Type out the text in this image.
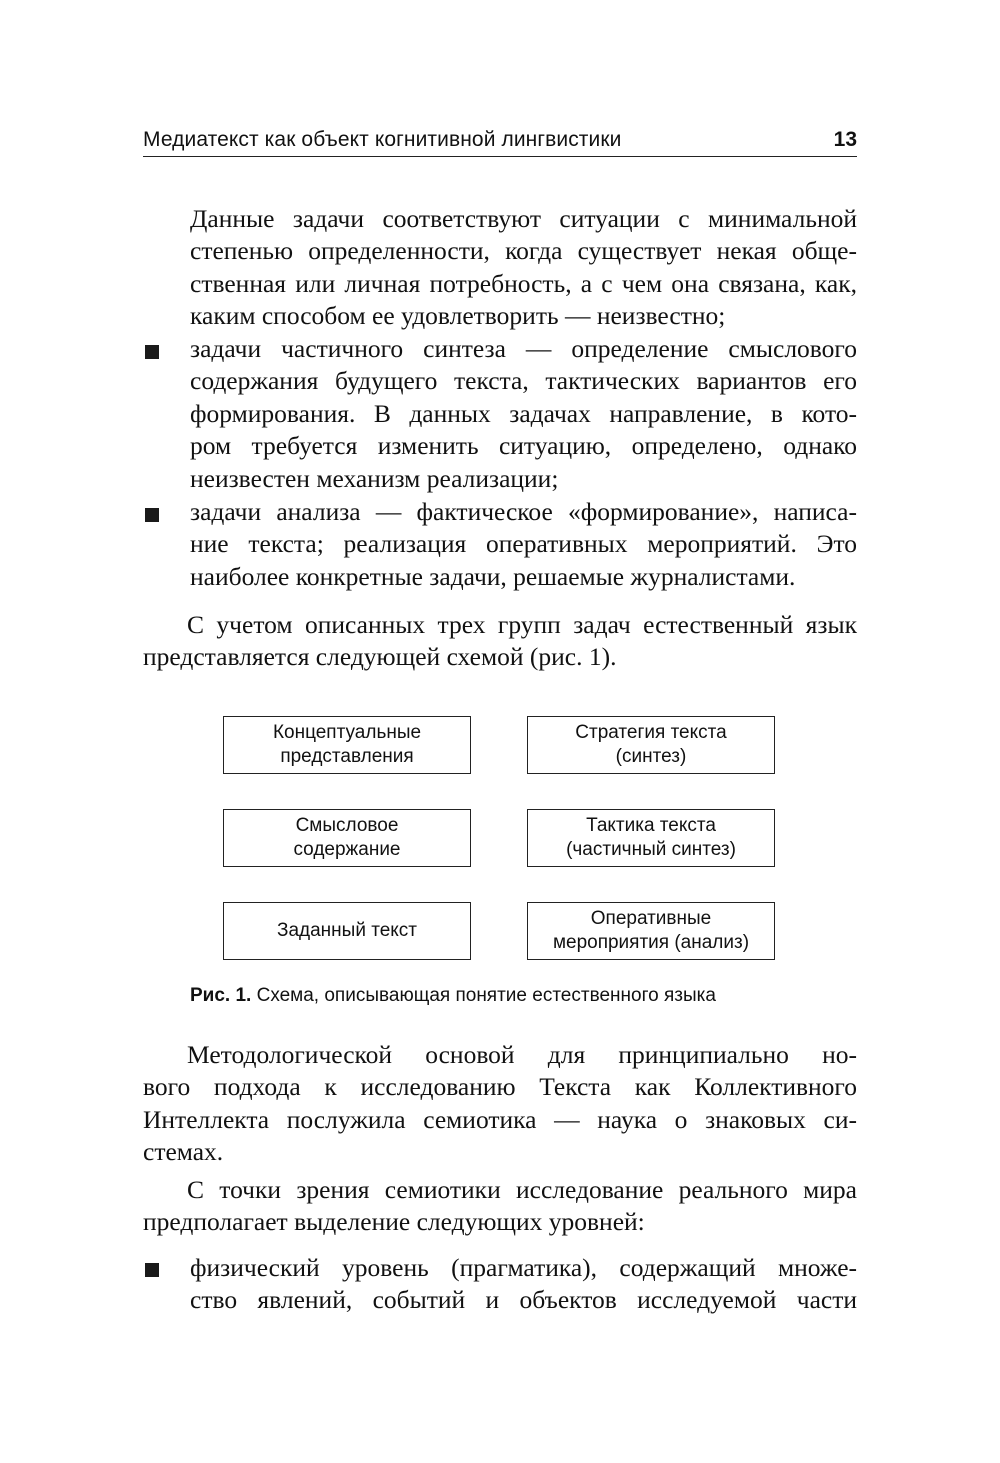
Медиатекст как объект когнитивной лингвистики	13
Данные задачи соответствуют ситуации с минимальной
степенью определенности, когда существует некая обще-
ственная или личная потребность, а с чем она связана, как,
каким способом ее удовлетворить — неизвестно;
задачи частичного синтеза — определение смыслового
содержания будущего текста, тактических вариантов его
формирования. В данных задачах направление, в кото-
ром требуется изменить ситуацию, определено, однако
неизвестен механизм реализации;
задачи анализа — фактическое «формирование», написа-
ние текста; реализация оперативных мероприятий. Это
наиболее конкретные задачи, решаемые журналистами.
С учетом описанных трех групп задач естественный язык
представляется следующей схемой (рис. 1).
Концептуальные
представления
Стратегия текста
(синтез)
Смысловое
содержание
Тактика текста
(частичный синтез)
Заданный текст
Оперативные
мероприятия (анализ)
Рис. 1. Схема, описывающая понятие естественного языка
Методологической основой для принципиально но-
вого подхода к исследованию Текста как Коллективного
Интеллекта послужила семиотика — наука о знаковых си-
стемах.
С точки зрения семиотики исследование реального мира
предполагает выделение следующих уровней:
физический уровень (прагматика), содержащий множе-
ство явлений, событий и объектов исследуемой части
